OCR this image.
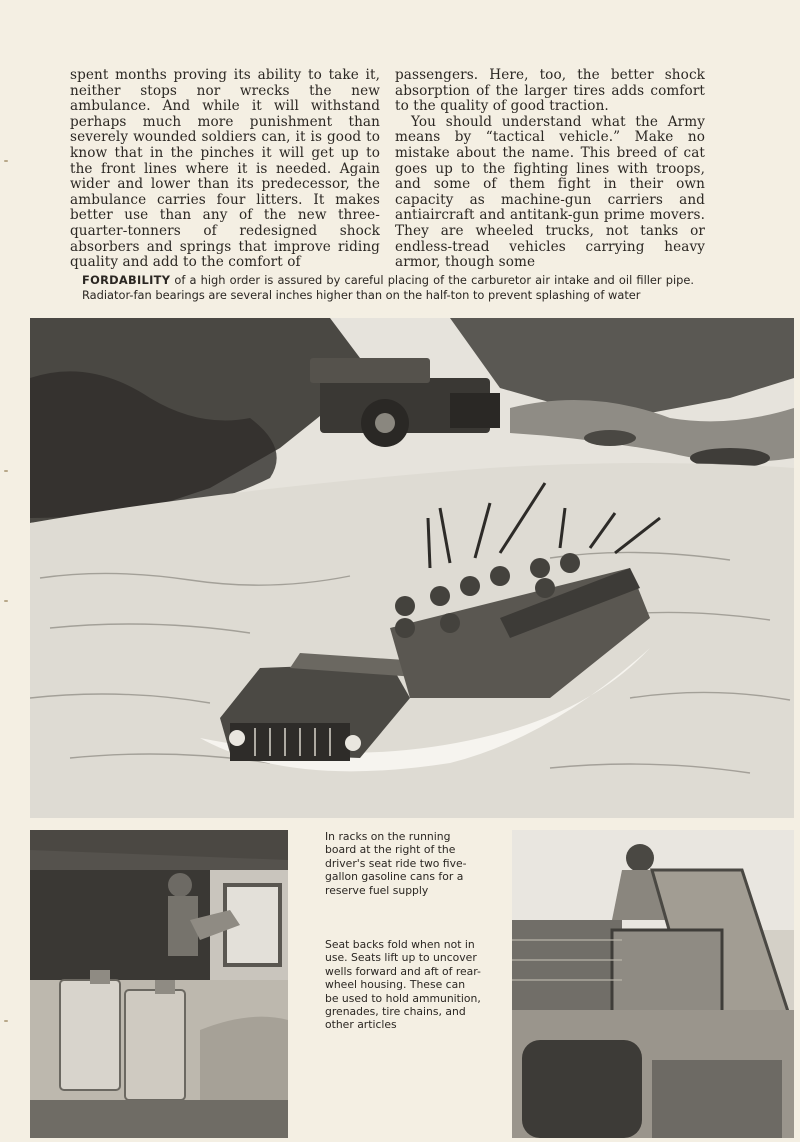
spent months proving its ability to take it, neither stops nor wrecks the new ambulance. And while it will withstand perhaps much more punishment than severely wounded soldiers can, it is good to know that in the pinches it will get up to the front lines where it is needed. Again wider and lower than its predecessor, the ambulance carries four litters. It makes better use than any of the new three-quarter-tonners of redesigned shock absorbers and springs that improve riding quality and add to the comfort of

passengers. Here, too, the better shock absorption of the larger tires adds comfort to the quality of good traction.

You should understand what the Army means by “tactical vehicle.” Make no mistake about the name. This breed of cat goes up to the fighting lines with troops, and some of them fight in their own capacity as machine-gun carriers and antiaircraft and antitank-gun prime movers. They are wheeled trucks, not tanks or endless-tread vehicles carrying heavy armor, though some

FORDABILITY of a high order is assured by careful placing of the carburetor air intake and oil filler pipe. Radiator-fan bearings are several inches higher than on the half-ton to prevent splashing of water
In racks on the running board at the right of the driver's seat ride two five-gallon gasoline cans for a reserve fuel supply
Seat backs fold when not in use. Seats lift up to uncover wells forward and aft of rear-wheel housing. These can be used to hold ammunition, grenades, tire chains, and other articles
